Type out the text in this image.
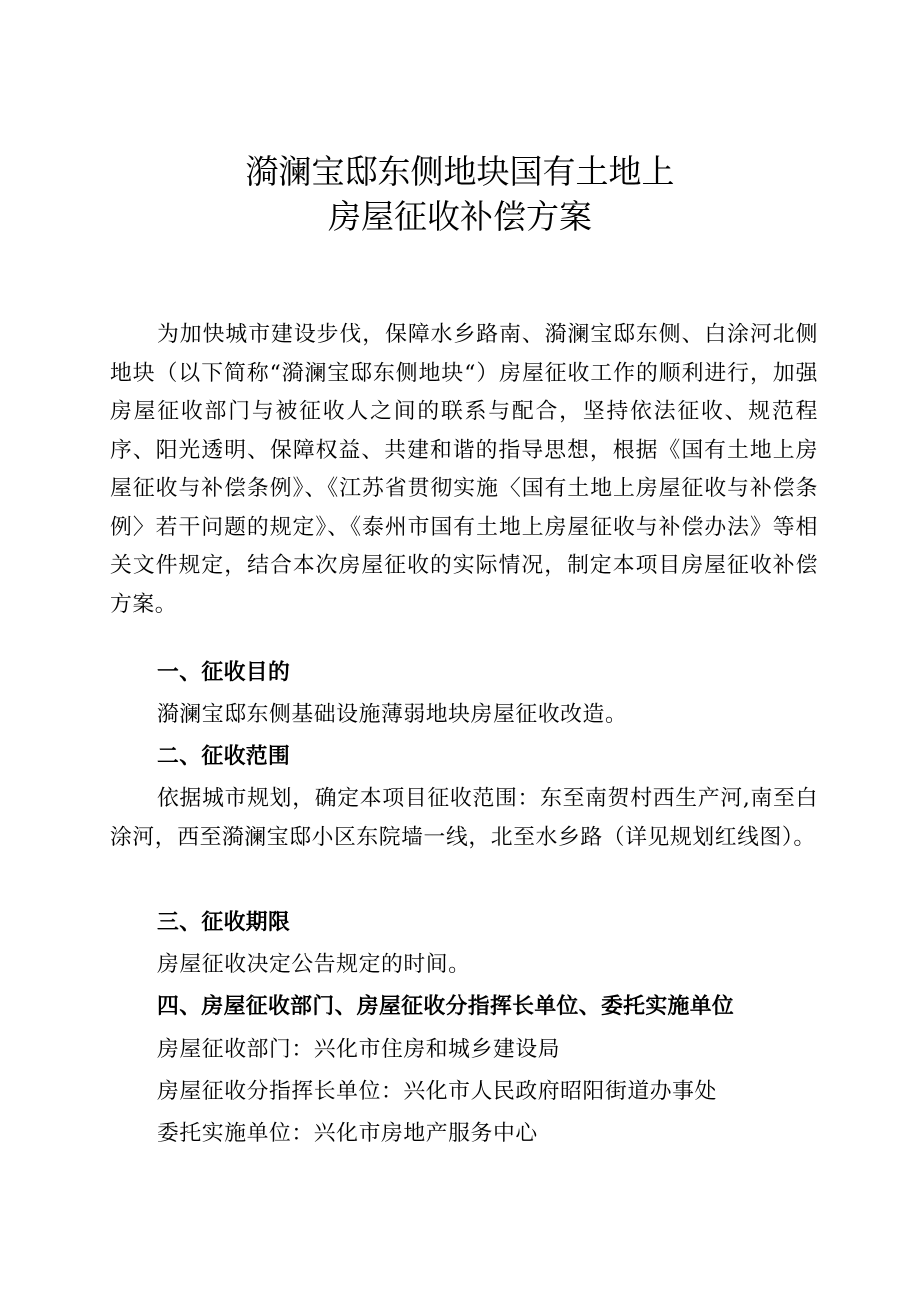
漪澜宝邸东侧地块国有土地上
房屋征收补偿方案
为加快城市建设步伐，保障水乡路南、漪澜宝邸东侧、白涂河北侧地块（以下简称“漪澜宝邸东侧地块“）房屋征收工作的顺利进行，加强房屋征收部门与被征收人之间的联系与配合，坚持依法征收、规范程序、阳光透明、保障权益、共建和谐的指导思想，根据《国有土地上房屋征收与补偿条例》、《江苏省贯彻实施〈国有土地上房屋征收与补偿条例〉若干问题的规定》、《泰州市国有土地上房屋征收与补偿办法》等相关文件规定，结合本次房屋征收的实际情况，制定本项目房屋征收补偿方案。
一、征收目的
漪澜宝邸东侧基础设施薄弱地块房屋征收改造。
二、征收范围
依据城市规划，确定本项目征收范围：东至南贺村西生产河,南至白涂河，西至漪澜宝邸小区东院墙一线，北至水乡路（详见规划红线图）。
三、征收期限
房屋征收决定公告规定的时间。
四、房屋征收部门、房屋征收分指挥长单位、委托实施单位
房屋征收部门：兴化市住房和城乡建设局
房屋征收分指挥长单位：兴化市人民政府昭阳街道办事处
委托实施单位：兴化市房地产服务中心
